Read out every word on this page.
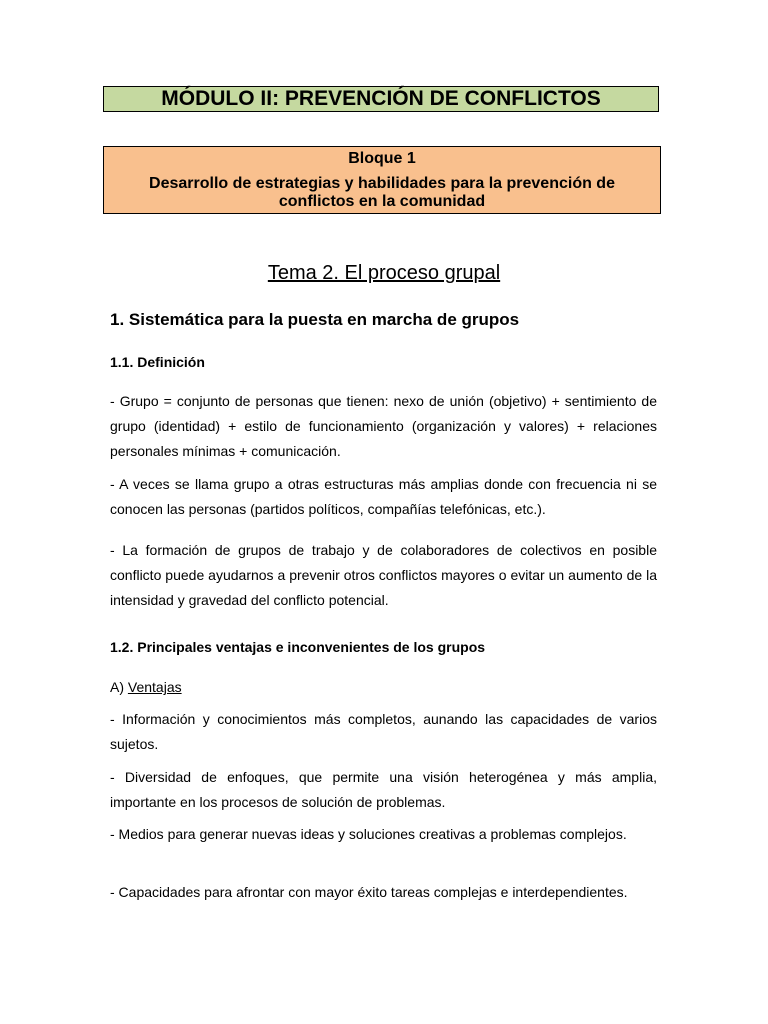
MÓDULO II: PREVENCIÓN DE CONFLICTOS
Bloque 1
Desarrollo de estrategias y habilidades para la prevención de conflictos en la comunidad
Tema 2. El proceso grupal
1. Sistemática para la puesta en marcha de grupos
1.1. Definición
- Grupo = conjunto de personas que tienen: nexo de unión (objetivo) + sentimiento de grupo (identidad) + estilo de funcionamiento (organización y valores) + relaciones personales mínimas + comunicación.
- A veces se llama grupo a otras estructuras más amplias donde con frecuencia ni se conocen las personas (partidos políticos, compañías telefónicas, etc.).
- La formación de grupos de trabajo y de colaboradores de colectivos en posible conflicto puede ayudarnos a prevenir otros conflictos mayores o evitar un aumento de la intensidad y gravedad del conflicto potencial.
1.2. Principales ventajas e inconvenientes de los grupos
A) Ventajas
- Información y conocimientos más completos, aunando las capacidades de varios sujetos.
- Diversidad de enfoques, que permite una visión heterogénea y más amplia, importante en los procesos de solución de problemas.
- Medios para generar nuevas ideas y soluciones creativas a problemas complejos.
- Capacidades para afrontar con mayor éxito tareas complejas e interdependientes.
